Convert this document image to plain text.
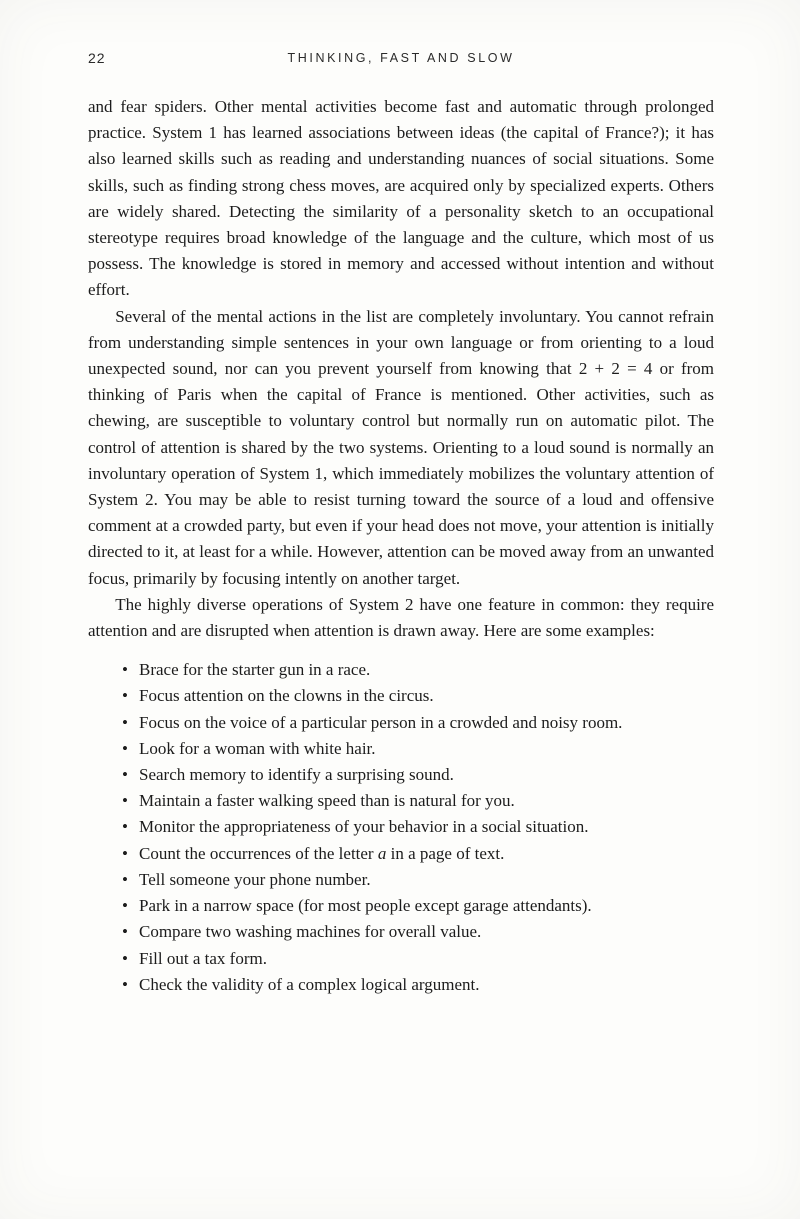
22	THINKING, FAST AND SLOW

and fear spiders. Other mental activities become fast and automatic through prolonged practice. System 1 has learned associations between ideas (the capital of France?); it has also learned skills such as reading and understanding nuances of social situations. Some skills, such as finding strong chess moves, are acquired only by specialized experts. Others are widely shared. Detecting the similarity of a personality sketch to an occupational stereotype requires broad knowledge of the language and the culture, which most of us possess. The knowledge is stored in memory and accessed without intention and without effort.

Several of the mental actions in the list are completely involuntary. You cannot refrain from understanding simple sentences in your own language or from orienting to a loud unexpected sound, nor can you prevent yourself from knowing that 2 + 2 = 4 or from thinking of Paris when the capital of France is mentioned. Other activities, such as chewing, are susceptible to voluntary control but normally run on automatic pilot. The control of attention is shared by the two systems. Orienting to a loud sound is normally an involuntary operation of System 1, which immediately mobilizes the voluntary attention of System 2. You may be able to resist turning toward the source of a loud and offensive comment at a crowded party, but even if your head does not move, your attention is initially directed to it, at least for a while. However, attention can be moved away from an unwanted focus, primarily by focusing intently on another target.

The highly diverse operations of System 2 have one feature in common: they require attention and are disrupted when attention is drawn away. Here are some examples:

• Brace for the starter gun in a race.
• Focus attention on the clowns in the circus.
• Focus on the voice of a particular person in a crowded and noisy room.
• Look for a woman with white hair.
• Search memory to identify a surprising sound.
• Maintain a faster walking speed than is natural for you.
• Monitor the appropriateness of your behavior in a social situation.
• Count the occurrences of the letter a in a page of text.
• Tell someone your phone number.
• Park in a narrow space (for most people except garage attendants).
• Compare two washing machines for overall value.
• Fill out a tax form.
• Check the validity of a complex logical argument.
